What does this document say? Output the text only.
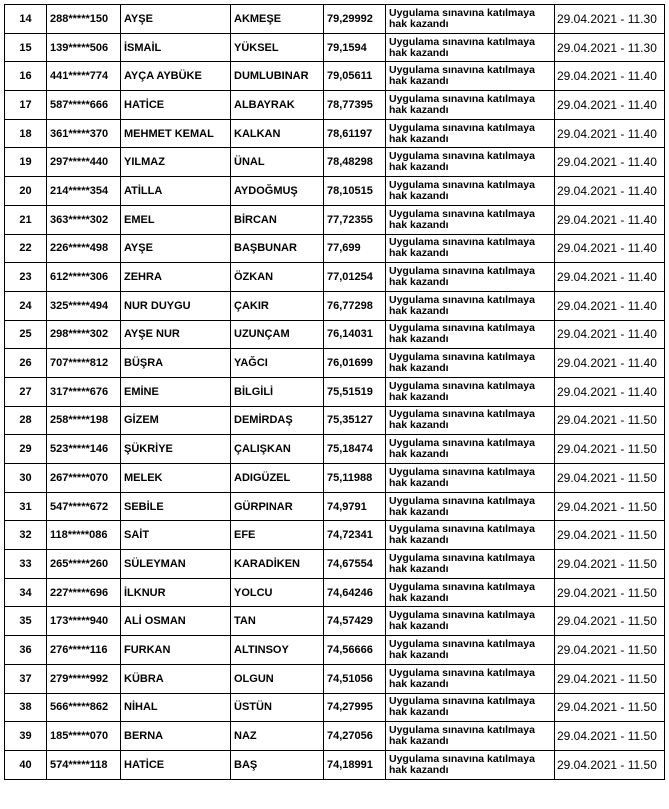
14	288*****150	AYŞE	AKMEŞE	79,29992	Uygulama sınavına katılmaya hak kazandı	29.04.2021 - 11.30
15	139*****506	İSMAİL	YÜKSEL	79,1594	Uygulama sınavına katılmaya hak kazandı	29.04.2021 - 11.30
16	441*****774	AYÇA AYBÜKE	DUMLUBINAR	79,05611	Uygulama sınavına katılmaya hak kazandı	29.04.2021 - 11.40
17	587*****666	HATİCE	ALBAYRAK	78,77395	Uygulama sınavına katılmaya hak kazandı	29.04.2021 - 11.40
18	361*****370	MEHMET KEMAL	KALKAN	78,61197	Uygulama sınavına katılmaya hak kazandı	29.04.2021 - 11.40
19	297*****440	YILMAZ	ÜNAL	78,48298	Uygulama sınavına katılmaya hak kazandı	29.04.2021 - 11.40
20	214*****354	ATİLLA	AYDOĞMUŞ	78,10515	Uygulama sınavına katılmaya hak kazandı	29.04.2021 - 11.40
21	363*****302	EMEL	BİRCAN	77,72355	Uygulama sınavına katılmaya hak kazandı	29.04.2021 - 11.40
22	226*****498	AYŞE	BAŞBUNAR	77,699	Uygulama sınavına katılmaya hak kazandı	29.04.2021 - 11.40
23	612*****306	ZEHRA	ÖZKAN	77,01254	Uygulama sınavına katılmaya hak kazandı	29.04.2021 - 11.40
24	325*****494	NUR DUYGU	ÇAKIR	76,77298	Uygulama sınavına katılmaya hak kazandı	29.04.2021 - 11.40
25	298*****302	AYŞE NUR	UZUNÇAM	76,14031	Uygulama sınavına katılmaya hak kazandı	29.04.2021 - 11.40
26	707*****812	BÜŞRA	YAĞCI	76,01699	Uygulama sınavına katılmaya hak kazandı	29.04.2021 - 11.40
27	317*****676	EMİNE	BİLGİLİ	75,51519	Uygulama sınavına katılmaya hak kazandı	29.04.2021 - 11.40
28	258*****198	GİZEM	DEMİRDAŞ	75,35127	Uygulama sınavına katılmaya hak kazandı	29.04.2021 - 11.50
29	523*****146	ŞÜKRİYE	ÇALIŞKAN	75,18474	Uygulama sınavına katılmaya hak kazandı	29.04.2021 - 11.50
30	267*****070	MELEK	ADIGÜZEL	75,11988	Uygulama sınavına katılmaya hak kazandı	29.04.2021 - 11.50
31	547*****672	SEBİLE	GÜRPINAR	74,9791	Uygulama sınavına katılmaya hak kazandı	29.04.2021 - 11.50
32	118*****086	SAİT	EFE	74,72341	Uygulama sınavına katılmaya hak kazandı	29.04.2021 - 11.50
33	265*****260	SÜLEYMAN	KARADİKEN	74,67554	Uygulama sınavına katılmaya hak kazandı	29.04.2021 - 11.50
34	227*****696	İLKNUR	YOLCU	74,64246	Uygulama sınavına katılmaya hak kazandı	29.04.2021 - 11.50
35	173*****940	ALİ OSMAN	TAN	74,57429	Uygulama sınavına katılmaya hak kazandı	29.04.2021 - 11.50
36	276*****116	FURKAN	ALTINSOY	74,56666	Uygulama sınavına katılmaya hak kazandı	29.04.2021 - 11.50
37	279*****992	KÜBRA	OLGUN	74,51056	Uygulama sınavına katılmaya hak kazandı	29.04.2021 - 11.50
38	566*****862	NİHAL	ÜSTÜN	74,27995	Uygulama sınavına katılmaya hak kazandı	29.04.2021 - 11.50
39	185*****070	BERNA	NAZ	74,27056	Uygulama sınavına katılmaya hak kazandı	29.04.2021 - 11.50
40	574*****118	HATİCE	BAŞ	74,18991	Uygulama sınavına katılmaya hak kazandı	29.04.2021 - 11.50
